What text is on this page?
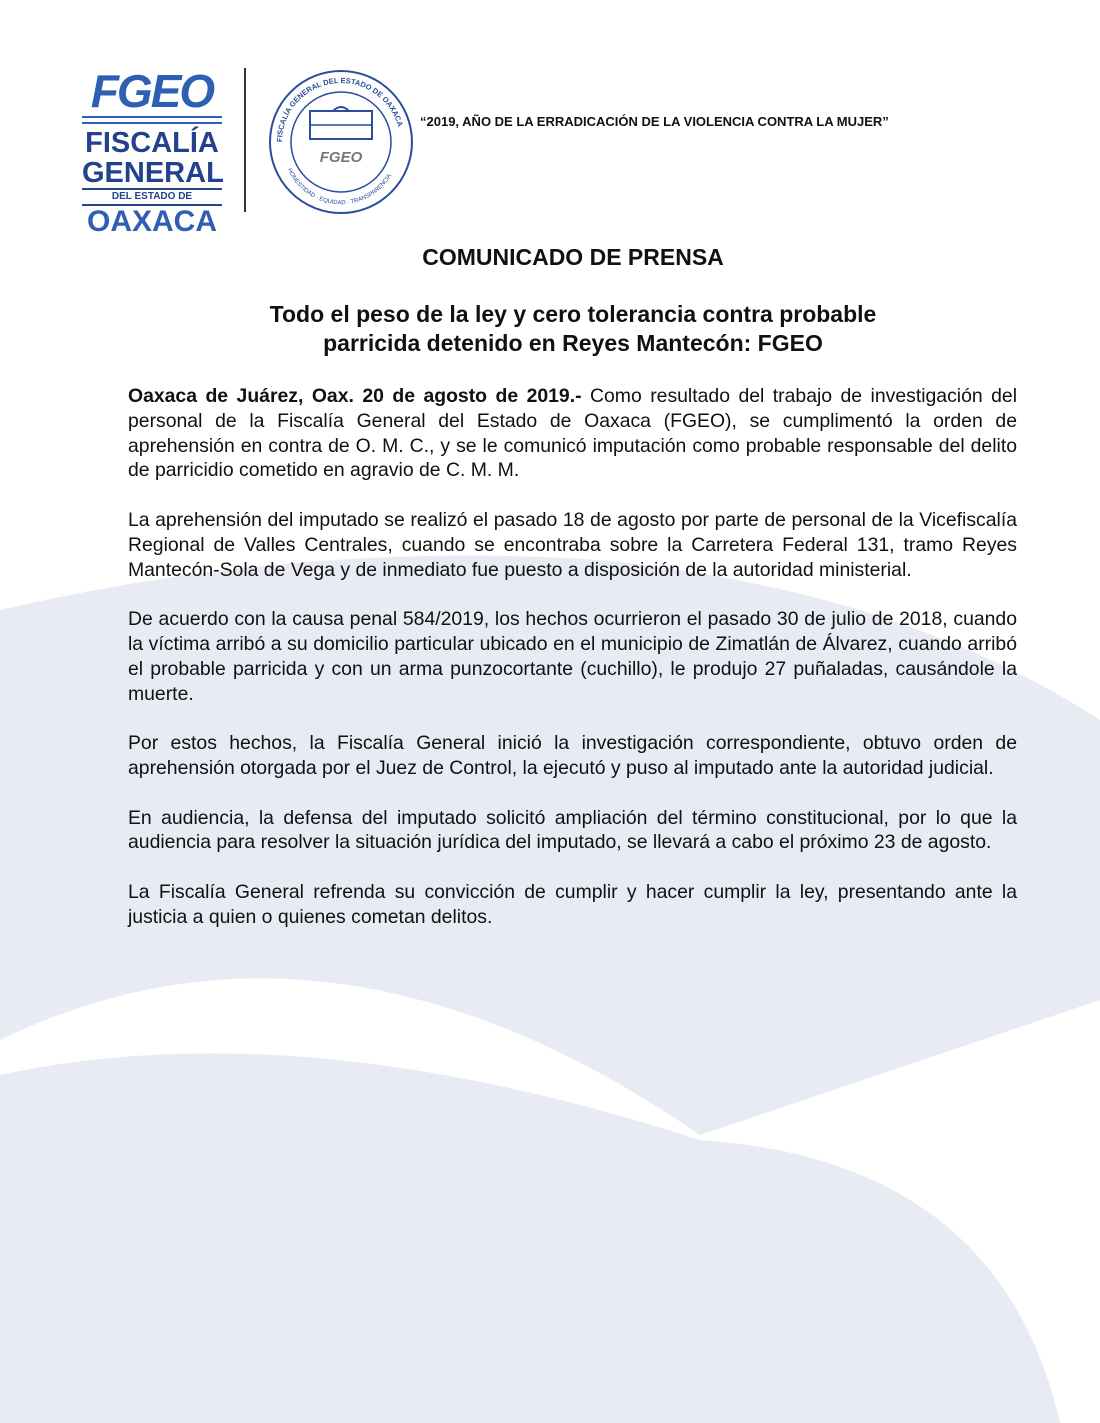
FGEO
FISCALÍA
GENERAL
DEL ESTADO DE
OAXACA
FISCALÍA GENERAL DEL ESTADO DE OAXACA
HONESTIDAD · EQUIDAD · TRANSPARENCIA
FGEO
“2019, AÑO DE LA ERRADICACIÓN DE LA VIOLENCIA CONTRA LA MUJER”
COMUNICADO DE PRENSA
Todo el peso de la ley y cero tolerancia contra probable
parricida detenido en Reyes Mantecón: FGEO

Oaxaca de Juárez, Oax. 20 de agosto de 2019.- Como resultado del trabajo de investigación del personal de la Fiscalía General del Estado de Oaxaca (FGEO), se cumplimentó la orden de aprehensión en contra de O. M. C., y se le comunicó imputación como probable responsable del delito de parricidio cometido en agravio de C. M. M.

La aprehensión del imputado se realizó el pasado 18 de agosto por parte de personal de la Vicefiscalía Regional de Valles Centrales, cuando se encontraba sobre la Carretera Federal 131, tramo Reyes Mantecón-Sola de Vega y de inmediato fue puesto a disposición de la autoridad ministerial.

De acuerdo con la causa penal 584/2019, los hechos ocurrieron el pasado 30 de julio de 2018, cuando la víctima arribó a su domicilio particular ubicado en el municipio de Zimatlán de Álvarez, cuando arribó el probable parricida y con un arma punzocortante (cuchillo), le produjo 27 puñaladas, causándole la muerte.

Por estos hechos, la Fiscalía General inició la investigación correspondiente, obtuvo orden de aprehensión otorgada por el Juez de Control, la ejecutó y puso al imputado ante la autoridad judicial.

En audiencia, la defensa del imputado solicitó ampliación del término constitucional, por lo que la audiencia para resolver la situación jurídica del imputado, se llevará a cabo el próximo 23 de agosto.

La Fiscalía General refrenda su convicción de cumplir y hacer cumplir la ley, presentando ante la justicia a quien o quienes cometan delitos.
